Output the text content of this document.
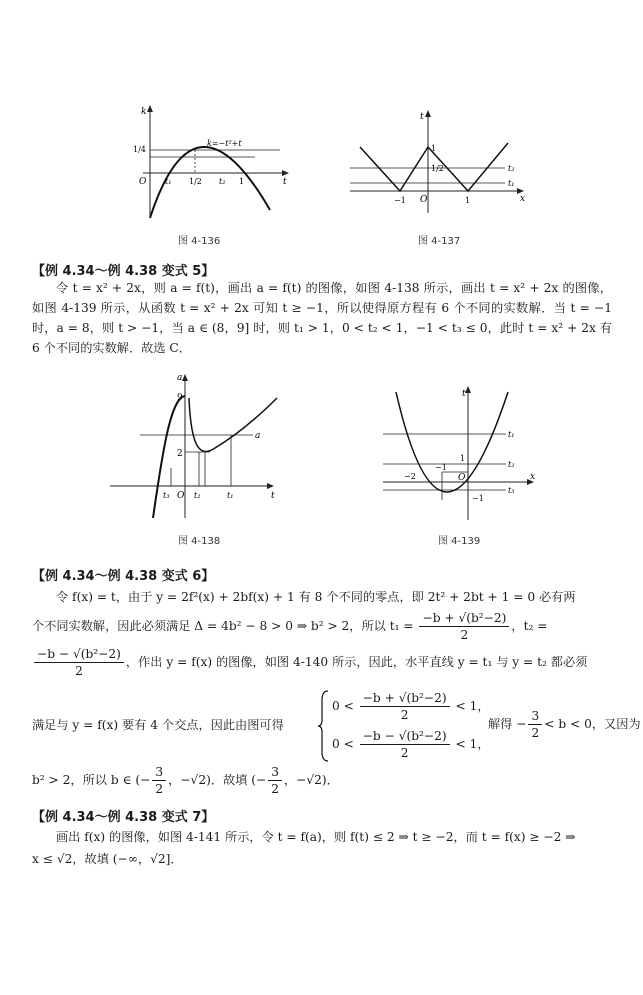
k
t
O
1/4
k=−t²+t
t₁ 1/2 t₂ 1
图 4-136
t
x
O
1
1/2	t₂
t₁
−1	1
图 4-137
【例 4.34～例 4.38 变式 5】
令 t = x² + 2x，则 a = f(t)，画出 a = f(t) 的图像，如图 4-138 所示，画出 t = x² + 2x 的图像，如图 4-139 所示，从函数 t = x² + 2x 可知 t ≥ −1，所以使得原方程有 6 个不同的实数解．当 t = −1 时，a = 8，则 t > −1，当 a ∈ (8，9] 时，则 t₁ > 1，0 < t₂ < 1，−1 < t₃ ≤ 0，此时 t = x² + 2x 有 6 个不同的实数解．故选 C．
a
t
O
9
2
a
t₃	t₂	t₁
图 4-138
t
x
O
t₁
t₂
t₃
1
−1
−2
−1
图 4-139
【例 4.34～例 4.38 变式 6】
令 f(x) = t，由于 y = 2f²(x) + 2bf(x) + 1 有 8 个不同的零点，即 2t² + 2bt + 1 = 0 必有两
个不同实数解，因此必须满足 Δ = 4b² − 8 > 0 ⇒ b² > 2，所以 $t_1 = \frac{\text{−b + √(b²−2)}}{2}$ ，t₂ =
$\frac{\text{−b − √(b²−2)}}{2}$ ，作出 y = f(x) 的图像，如图 4-140 所示，因此，水平直线 y = t₁ 与 y = t₂ 都必须
满足与 y = f(x) 要有 4 个交点，因此由图可得
$0 < \frac{\text{−b + √(b²−2)}}{2} < 1$，
$0 < \frac{\text{−b − √(b²−2)}}{2} < 1$，
解得 − $\frac{3}{2} < b < 0$，又因为
b² > 2，所以 b ∈ (− $\frac{3}{2}$ ，−√2)．故填 (− $\frac{3}{2}$ ，−√2)．
【例 4.34～例 4.38 变式 7】
画出 f(x) 的图像，如图 4-141 所示，令 t = f(a)，则 f(t) ≤ 2 ⇒ t ≥ −2，而 t = f(x) ≥ −2 ⇒
x ≤ √2，故填 (−∞，√2]．
